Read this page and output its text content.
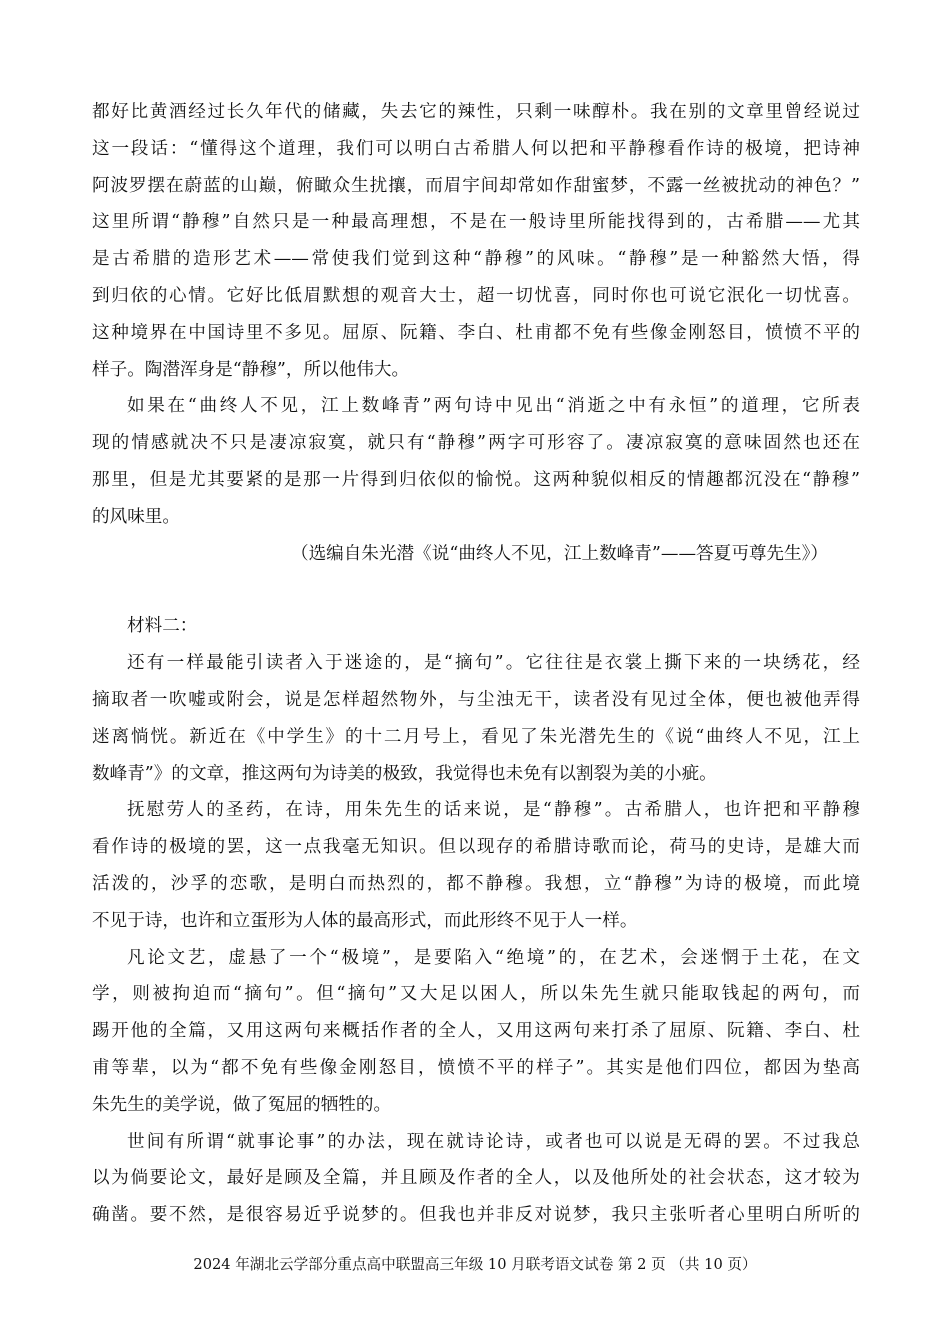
都好比黄酒经过长久年代的储藏，失去它的辣性，只剩一味醇朴。我在别的文章里曾经说过
这一段话：“懂得这个道理，我们可以明白古希腊人何以把和平静穆看作诗的极境，把诗神
阿波罗摆在蔚蓝的山巅，俯瞰众生扰攘，而眉宇间却常如作甜蜜梦，不露一丝被扰动的神色？”
这里所谓“静穆”自然只是一种最高理想，不是在一般诗里所能找得到的，古希腊——尤其
是古希腊的造形艺术——常使我们觉到这种“静穆”的风味。“静穆”是一种豁然大悟，得
到归依的心情。它好比低眉默想的观音大士，超一切忧喜，同时你也可说它泯化一切忧喜。
这种境界在中国诗里不多见。屈原、阮籍、李白、杜甫都不免有些像金刚怒目，愤愤不平的
样子。陶潜浑身是“静穆”，所以他伟大。
如果在“曲终人不见，江上数峰青”两句诗中见出“消逝之中有永恒”的道理，它所表
现的情感就决不只是凄凉寂寞，就只有“静穆”两字可形容了。凄凉寂寞的意味固然也还在
那里，但是尤其要紧的是那一片得到归依似的愉悦。这两种貌似相反的情趣都沉没在“静穆”
的风味里。
（选编自朱光潜《说“曲终人不见，江上数峰青”——答夏丏尊先生》）
材料二：
还有一样最能引读者入于迷途的，是“摘句”。它往往是衣裳上撕下来的一块绣花，经
摘取者一吹嘘或附会，说是怎样超然物外，与尘浊无干，读者没有见过全体，便也被他弄得
迷离惝恍。新近在《中学生》的十二月号上，看见了朱光潜先生的《说“曲终人不见，江上
数峰青”》的文章，推这两句为诗美的极致，我觉得也未免有以割裂为美的小疵。
抚慰劳人的圣药，在诗，用朱先生的话来说，是“静穆”。古希腊人，也许把和平静穆
看作诗的极境的罢，这一点我毫无知识。但以现存的希腊诗歌而论，荷马的史诗，是雄大而
活泼的，沙孚的恋歌，是明白而热烈的，都不静穆。我想，立“静穆”为诗的极境，而此境
不见于诗，也许和立蛋形为人体的最高形式，而此形终不见于人一样。
凡论文艺，虚悬了一个“极境”，是要陷入“绝境”的，在艺术，会迷惘于土花，在文
学，则被拘迫而“摘句”。但“摘句”又大足以困人，所以朱先生就只能取钱起的两句，而
踢开他的全篇，又用这两句来概括作者的全人，又用这两句来打杀了屈原、阮籍、李白、杜
甫等辈，以为“都不免有些像金刚怒目，愤愤不平的样子”。其实是他们四位，都因为垫高
朱先生的美学说，做了冤屈的牺牲的。
世间有所谓“就事论事”的办法，现在就诗论诗，或者也可以说是无碍的罢。不过我总
以为倘要论文，最好是顾及全篇，并且顾及作者的全人，以及他所处的社会状态，这才较为
确凿。要不然，是很容易近乎说梦的。但我也并非反对说梦，我只主张听者心里明白所听的
2024 年湖北云学部分重点高中联盟高三年级 10 月联考语文试卷 第 2 页 （共 10 页）
